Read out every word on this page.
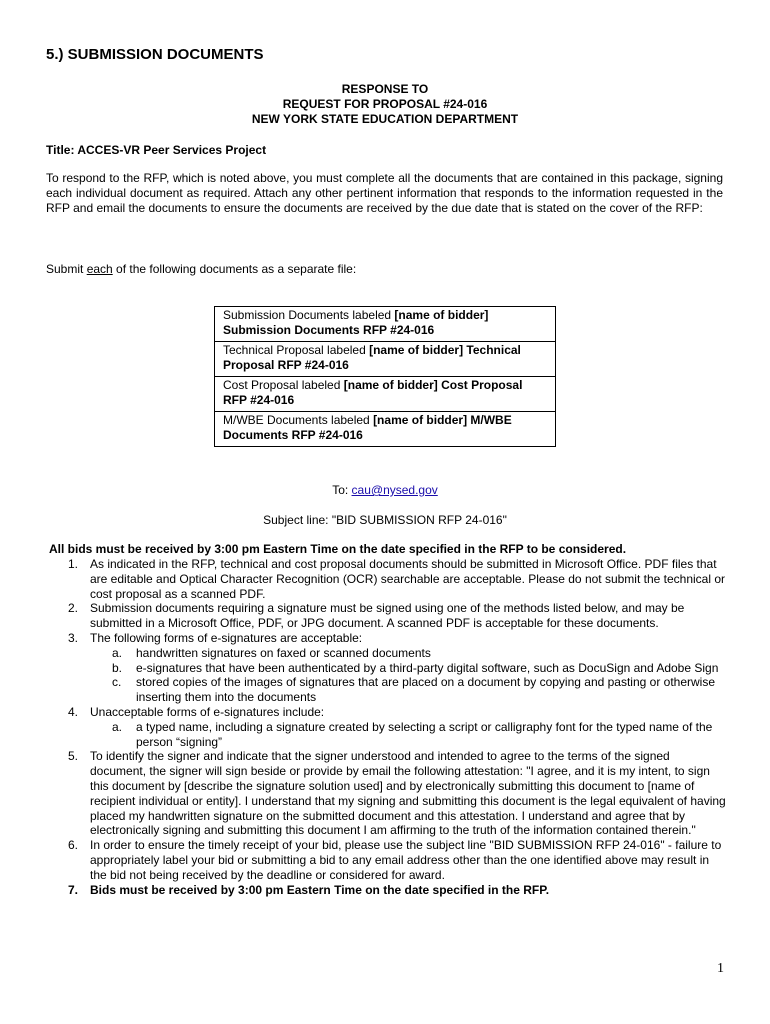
5.) SUBMISSION DOCUMENTS
RESPONSE TO
REQUEST FOR PROPOSAL #24-016
NEW YORK STATE EDUCATION DEPARTMENT
Title: ACCES-VR Peer Services Project
To respond to the RFP, which is noted above, you must complete all the documents that are contained in this package, signing each individual document as required. Attach any other pertinent information that responds to the information requested in the RFP and email the documents to ensure the documents are received by the due date that is stated on the cover of the RFP:
Submit each of the following documents as a separate file:
Submission Documents labeled [name of bidder] Submission Documents RFP #24-016
Technical Proposal labeled [name of bidder] Technical Proposal RFP #24-016
Cost Proposal labeled [name of bidder] Cost Proposal RFP #24-016
M/WBE Documents labeled [name of bidder] M/WBE Documents RFP #24-016
To: cau@nysed.gov
Subject line: "BID SUBMISSION RFP 24-016"
All bids must be received by 3:00 pm Eastern Time on the date specified in the RFP to be considered.
1. As indicated in the RFP, technical and cost proposal documents should be submitted in Microsoft Office. PDF files that are editable and Optical Character Recognition (OCR) searchable are acceptable. Please do not submit the technical or cost proposal as a scanned PDF.
2. Submission documents requiring a signature must be signed using one of the methods listed below, and may be submitted in a Microsoft Office, PDF, or JPG document. A scanned PDF is acceptable for these documents.
3. The following forms of e-signatures are acceptable:
a. handwritten signatures on faxed or scanned documents
b. e-signatures that have been authenticated by a third-party digital software, such as DocuSign and Adobe Sign
c. stored copies of the images of signatures that are placed on a document by copying and pasting or otherwise inserting them into the documents
4. Unacceptable forms of e-signatures include:
a. a typed name, including a signature created by selecting a script or calligraphy font for the typed name of the person “signing”
5. To identify the signer and indicate that the signer understood and intended to agree to the terms of the signed document, the signer will sign beside or provide by email the following attestation: "I agree, and it is my intent, to sign this document by [describe the signature solution used] and by electronically submitting this document to [name of recipient individual or entity]. I understand that my signing and submitting this document is the legal equivalent of having placed my handwritten signature on the submitted document and this attestation. I understand and agree that by electronically signing and submitting this document I am affirming to the truth of the information contained therein."
6. In order to ensure the timely receipt of your bid, please use the subject line "BID SUBMISSION RFP 24-016" - failure to appropriately label your bid or submitting a bid to any email address other than the one identified above may result in the bid not being received by the deadline or considered for award.
7. Bids must be received by 3:00 pm Eastern Time on the date specified in the RFP.
1
